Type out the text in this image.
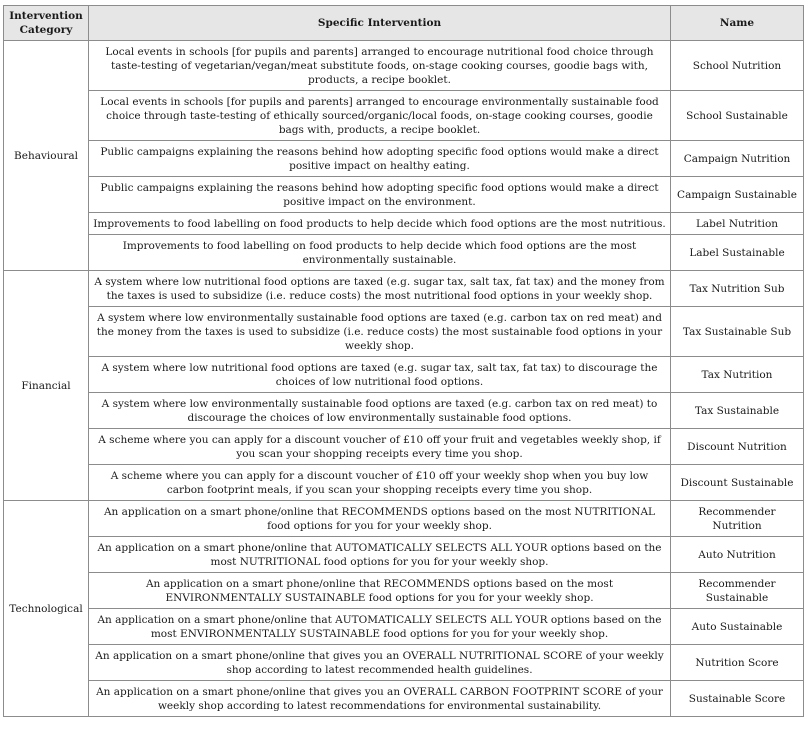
Intervention Category	Specific Intervention	Name
Behavioural	Local events in schools [for pupils and parents] arranged to encourage nutritional food choice through taste-testing of vegetarian/vegan/meat substitute foods, on-stage cooking courses, goodie bags with, products, a recipe booklet.	School Nutrition
	Local events in schools [for pupils and parents] arranged to encourage environmentally sustainable food choice through taste-testing of ethically sourced/organic/local foods, on-stage cooking courses, goodie bags with, products, a recipe booklet.	School Sustainable
	Public campaigns explaining the reasons behind how adopting specific food options would make a direct positive impact on healthy eating.	Campaign Nutrition
	Public campaigns explaining the reasons behind how adopting specific food options would make a direct positive impact on the environment.	Campaign Sustainable
	Improvements to food labelling on food products to help decide which food options are the most nutritious.	Label Nutrition
	Improvements to food labelling on food products to help decide which food options are the most environmentally sustainable.	Label Sustainable
Financial	A system where low nutritional food options are taxed (e.g. sugar tax, salt tax, fat tax) and the money from the taxes is used to subsidize (i.e. reduce costs) the most nutritional food options in your weekly shop.	Tax Nutrition Sub
	A system where low environmentally sustainable food options are taxed (e.g. carbon tax on red meat) and the money from the taxes is used to subsidize (i.e. reduce costs) the most sustainable food options in your weekly shop.	Tax Sustainable Sub
	A system where low nutritional food options are taxed (e.g. sugar tax, salt tax, fat tax) to discourage the choices of low nutritional food options.	Tax Nutrition
	A system where low environmentally sustainable food options are taxed (e.g. carbon tax on red meat) to discourage the choices of low environmentally sustainable food options.	Tax Sustainable
	A scheme where you can apply for a discount voucher of £10 off your fruit and vegetables weekly shop, if you scan your shopping receipts every time you shop.	Discount Nutrition
	A scheme where you can apply for a discount voucher of £10 off your weekly shop when you buy low carbon footprint meals, if you scan your shopping receipts every time you shop.	Discount Sustainable
Technological	An application on a smart phone/online that RECOMMENDS options based on the most NUTRITIONAL food options for you for your weekly shop.	Recommender Nutrition
	An application on a smart phone/online that AUTOMATICALLY SELECTS ALL YOUR options based on the most NUTRITIONAL food options for you for your weekly shop.	Auto Nutrition
	An application on a smart phone/online that RECOMMENDS options based on the most ENVIRONMENTALLY SUSTAINABLE food options for you for your weekly shop.	Recommender Sustainable
	An application on a smart phone/online that AUTOMATICALLY SELECTS ALL YOUR options based on the most ENVIRONMENTALLY SUSTAINABLE food options for you for your weekly shop.	Auto Sustainable
	An application on a smart phone/online that gives you an OVERALL NUTRITIONAL SCORE of your weekly shop according to latest recommended health guidelines.	Nutrition Score
	An application on a smart phone/online that gives you an OVERALL CARBON FOOTPRINT SCORE of your weekly shop according to latest recommendations for environmental sustainability.	Sustainable Score
